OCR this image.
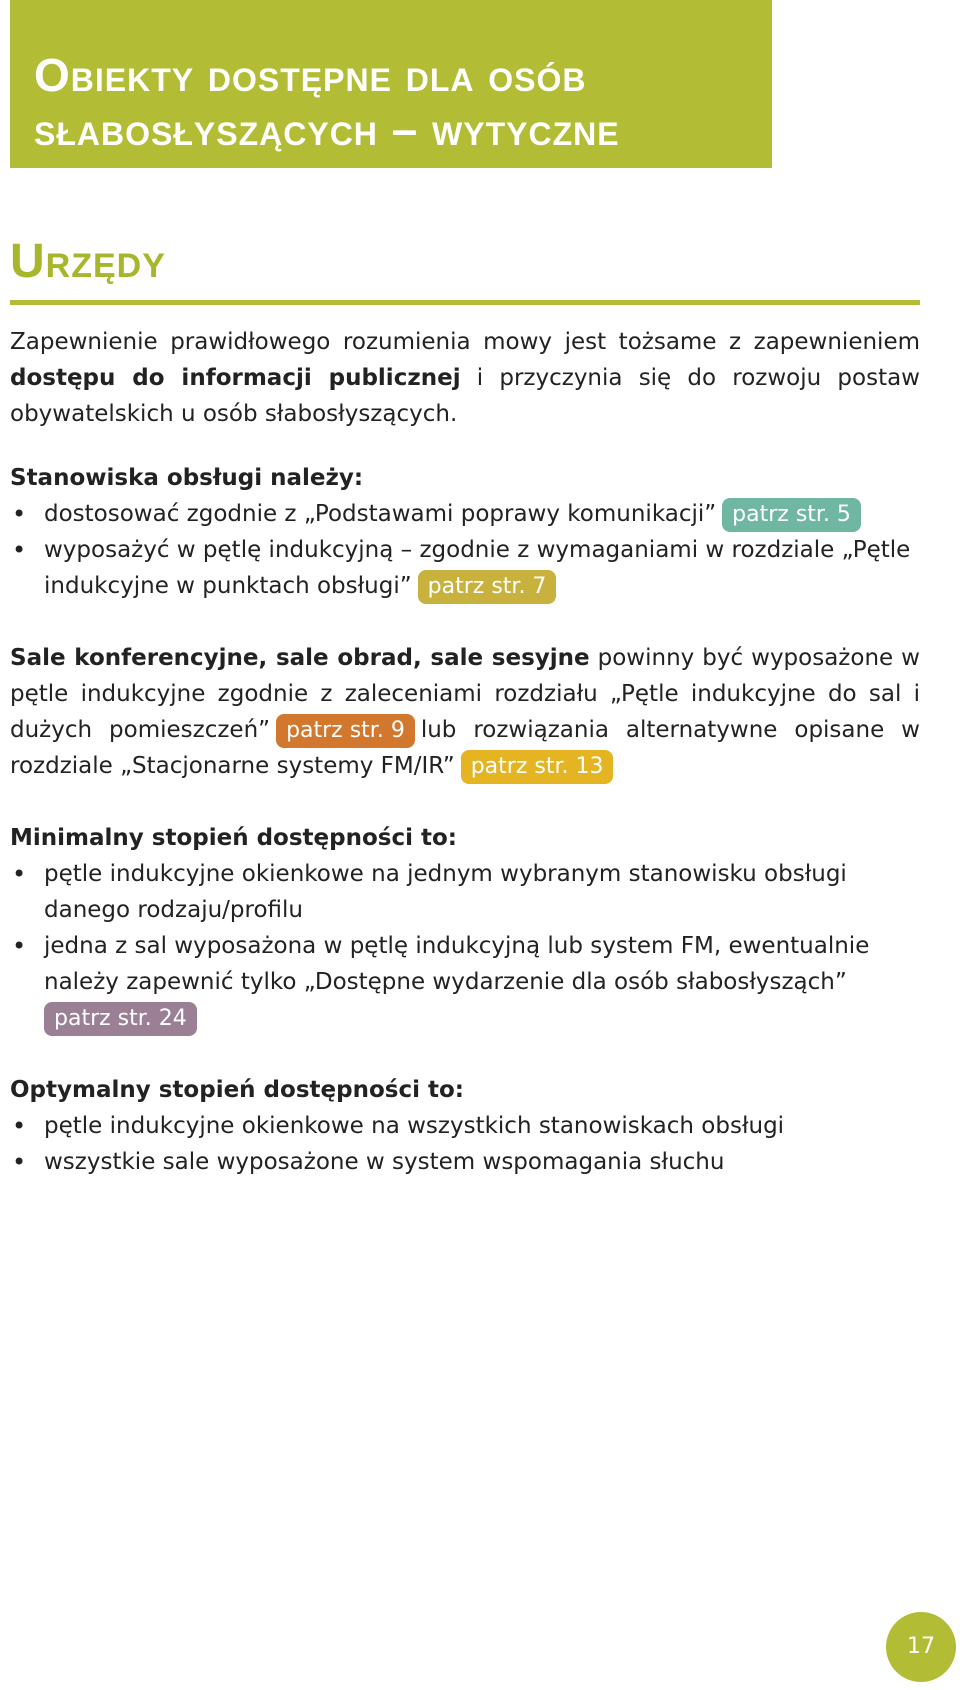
Obiekty dostępne dla osób słabosłyszących – wytyczne
Urzędy

Zapewnienie prawidłowego rozumienia mowy jest tożsame z zapewnieniem dostępu do informacji publicznej i przyczynia się do rozwoju postaw obywatelskich u osób słabosłyszących.

Stanowiska obsługi należy:

• dostosować zgodnie z „Podstawami poprawy komunikacji” patrz str. 5
• wyposażyć w pętlę indukcyjną – zgodnie z wymaganiami w rozdziale „Pętle indukcyjne w punktach obsługi” patrz str. 7

Sale konferencyjne, sale obrad, sale sesyjne powinny być wyposażone w pętle indukcyjne zgodnie z zaleceniami rozdziału „Pętle indukcyjne do sal i dużych pomieszczeń” patrz str. 9 lub rozwiązania alternatywne opisane w rozdziale „Stacjonarne systemy FM/IR” patrz str. 13

Minimalny stopień dostępności to:

• pętle indukcyjne okienkowe na jednym wybranym stanowisku obsługi danego rodzaju/profilu
• jedna z sal wyposażona w pętlę indukcyjną lub system FM, ewentualnie należy zapewnić tylko „Dostępne wydarzenie dla osób słabosłysząch”
patrz str. 24

Optymalny stopień dostępności to:

• pętle indukcyjne okienkowe na wszystkich stanowiskach obsługi
• wszystkie sale wyposażone w system wspomagania słuchu
17
